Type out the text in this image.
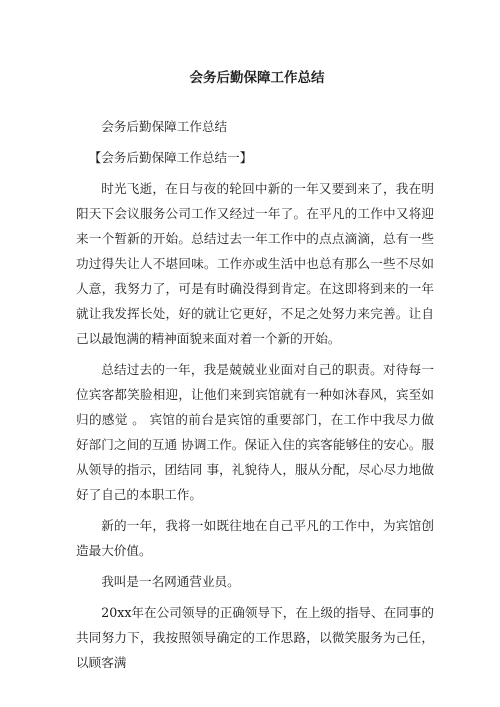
会务后勤保障工作总结

会务后勤保障工作总结

【会务后勤保障工作总结一】

时光飞逝，在日与夜的轮回中新的一年又要到来了，我在明阳天下会议服务公司工作又经过一年了。在平凡的工作中又将迎来一个暂新的开始。总结过去一年工作中的点点滴滴，总有一些功过得失让人不堪回味。工作亦或生活中也总有那么一些不尽如人意，我努力了，可是有时确没得到肯定。在这即将到来的一年就让我发挥长处，好的就让它更好，不足之处努力来完善。让自己以最饱满的精神面貌来面对着一个新的开始。

总结过去的一年，我是兢兢业业面对自己的职责。对待每一位宾客都笑脸相迎，让他们来到宾馆就有一种如沐春风，宾至如归的感觉 。 宾馆的前台是宾馆的重要部门，在工作中我尽力做好部门之间的互通 协调工作。保证入住的宾客能够住的安心。服从领导的指示，团结同 事，礼貌待人，服从分配，尽心尽力地做好了自己的本职工作。

新的一年，我将一如既往地在自己平凡的工作中，为宾馆创造最大价值。

我叫是一名网通营业员。

20xx年在公司领导的正确领导下，在上级的指导、在同事的共同努力下，我按照领导确定的工作思路，以微笑服务为己任，以顾客满
